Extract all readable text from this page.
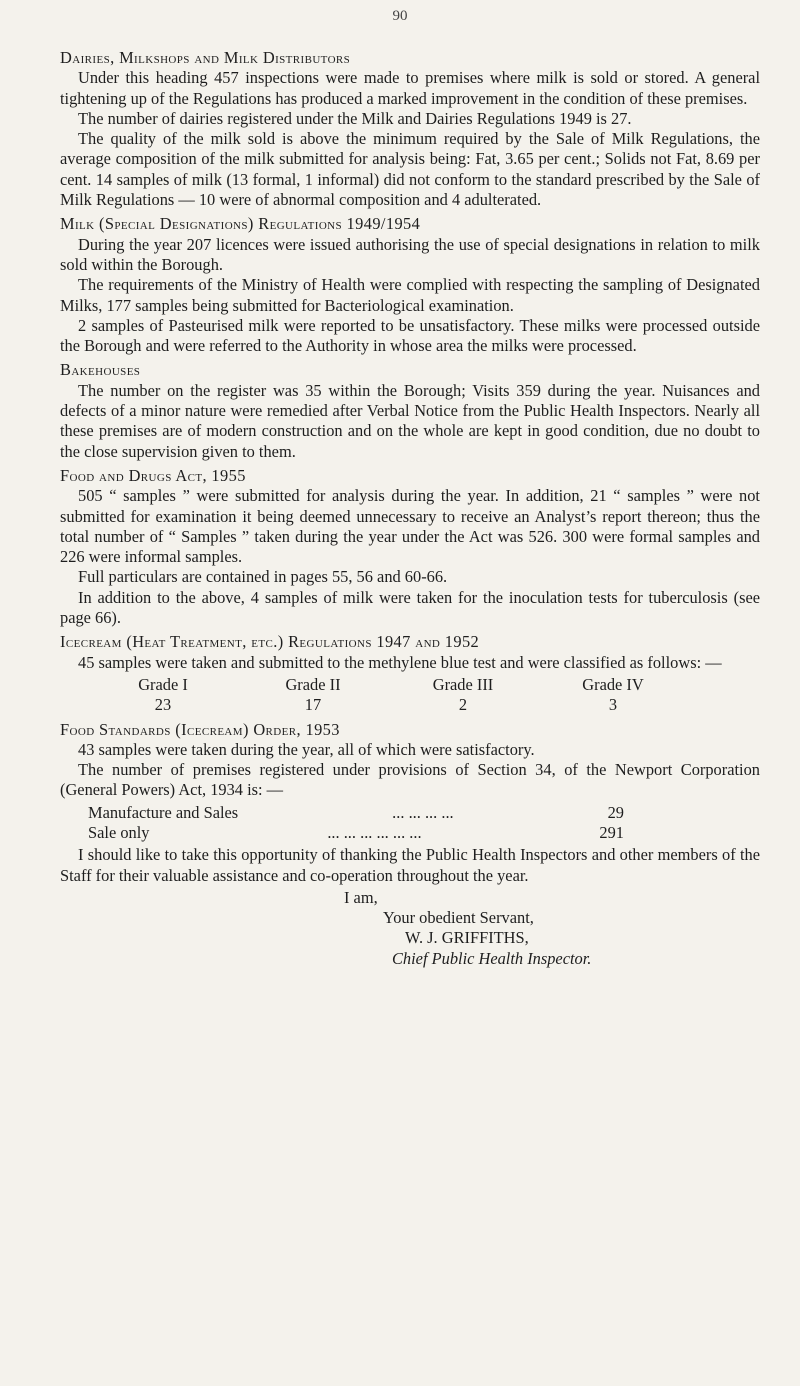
90
Dairies, Milkshops and Milk Distributors

Under this heading 457 inspections were made to premises where milk is sold or stored. A general tightening up of the Regulations has produced a marked improvement in the condition of these premises.

The number of dairies registered under the Milk and Dairies Regulations 1949 is 27.

The quality of the milk sold is above the minimum required by the Sale of Milk Regulations, the average composition of the milk submitted for analysis being: Fat, 3.65 per cent.; Solids not Fat, 8.69 per cent. 14 samples of milk (13 formal, 1 informal) did not conform to the standard prescribed by the Sale of Milk Regulations — 10 were of abnormal composition and 4 adulterated.

Milk (Special Designations) Regulations 1949/1954

During the year 207 licences were issued authorising the use of special designations in relation to milk sold within the Borough.

The requirements of the Ministry of Health were complied with respecting the sampling of Designated Milks, 177 samples being submitted for Bacteriological examination.

2 samples of Pasteurised milk were reported to be unsatisfactory. These milks were processed outside the Borough and were referred to the Authority in whose area the milks were processed.

Bakehouses

The number on the register was 35 within the Borough; Visits 359 during the year. Nuisances and defects of a minor nature were remedied after Verbal Notice from the Public Health Inspectors. Nearly all these premises are of modern construction and on the whole are kept in good condition, due no doubt to the close supervision given to them.

Food and Drugs Act, 1955

505 “ samples ” were submitted for analysis during the year. In addition, 21 “ samples ” were not submitted for examination it being deemed unnecessary to receive an Analyst’s report thereon; thus the total number of “ Samples ” taken during the year under the Act was 526. 300 were formal samples and 226 were informal samples.

Full particulars are contained in pages 55, 56 and 60-66.

In addition to the above, 4 samples of milk were taken for the inoculation tests for tuberculosis (see page 66).

Icecream (Heat Treatment, etc.) Regulations 1947 and 1952

45 samples were taken and submitted to the methylene blue test and were classified as follows: —

Grade I	Grade II	Grade III	Grade IV
23	17	2	3
Food Standards (Icecream) Order, 1953

43 samples were taken during the year, all of which were satisfactory.

The number of premises registered under provisions of Section 34, of the Newport Corporation (General Powers) Act, 1934 is: —

Manufacture and Sales	... ... ... ...	29
Sale only	... ... ... ... ... ...	291

I should like to take this opportunity of thanking the Public Health Inspectors and other members of the Staff for their valuable assistance and co-operation throughout the year.

I am,
Your obedient Servant,
W. J. GRIFFITHS,
Chief Public Health Inspector.
